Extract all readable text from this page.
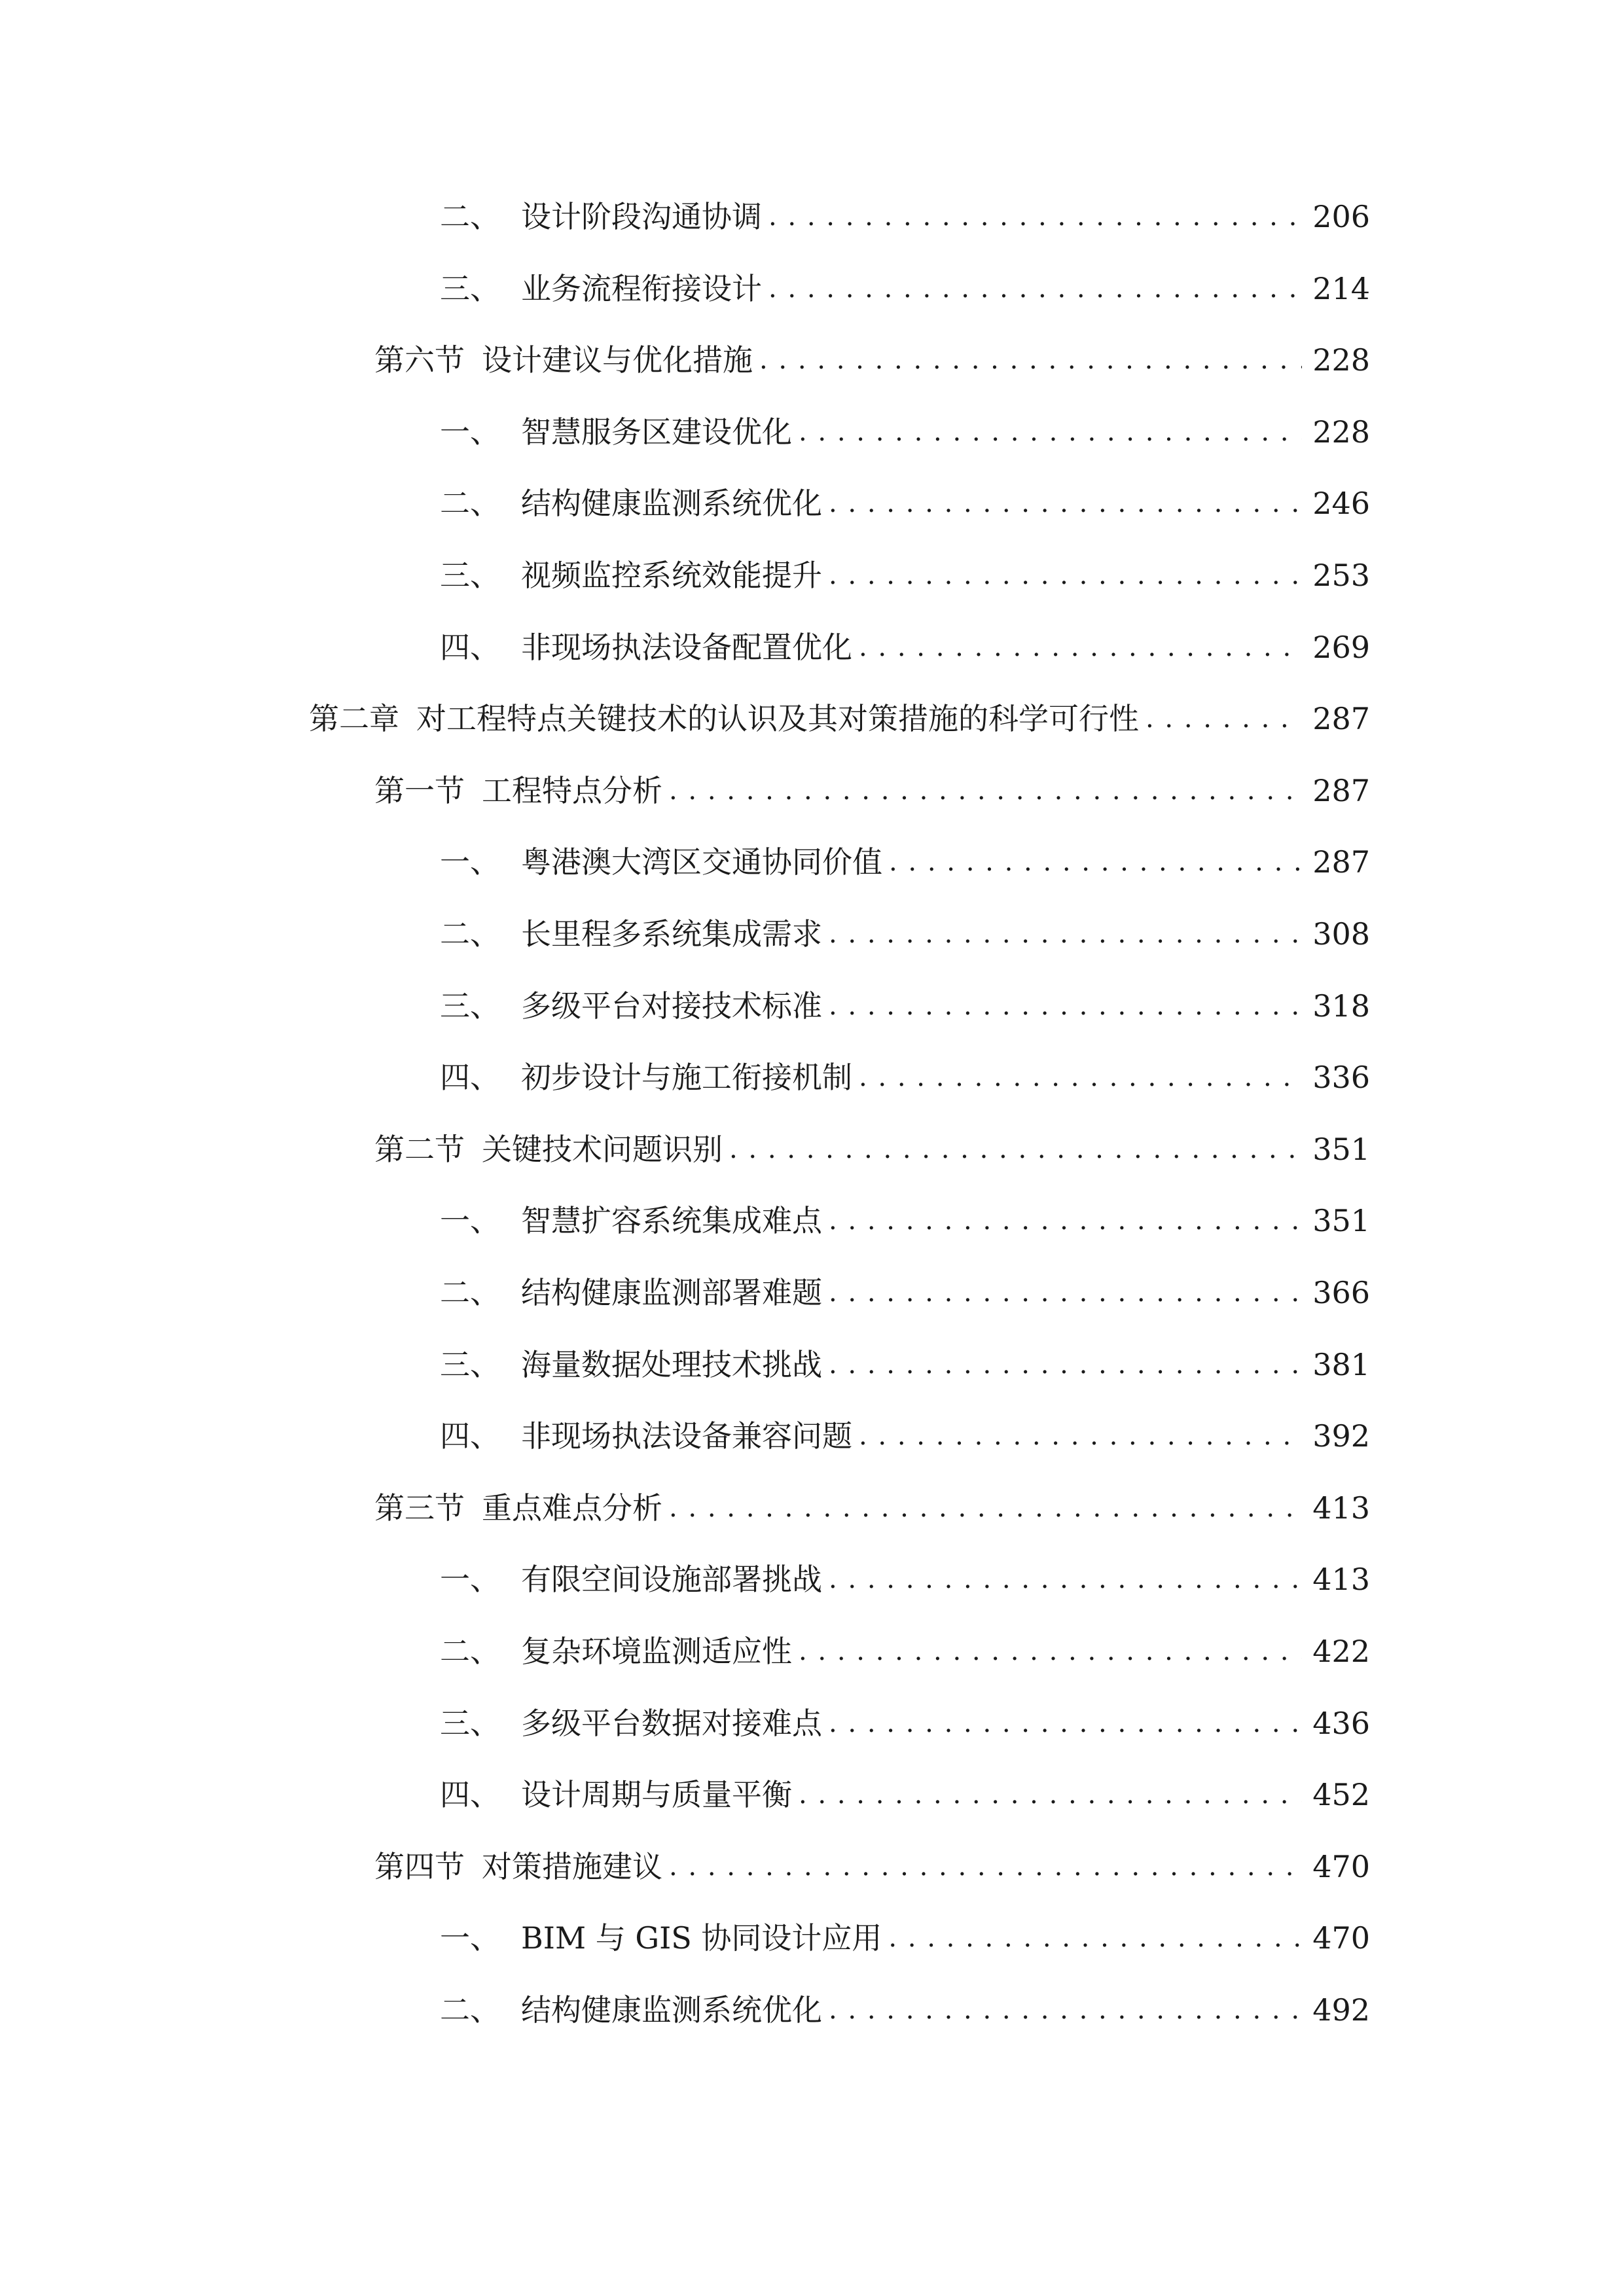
二、 设计阶段沟通协调 . . .	206
三、 业务流程衔接设计 . . .	214
第六节 设计建议与优化措施 . . .	228
一、 智慧服务区建设优化 . . .	228
二、 结构健康监测系统优化 . . .	246
三、 视频监控系统效能提升 . . .	253
四、 非现场执法设备配置优化 . . .	269
第二章 对工程特点关键技术的认识及其对策措施的科学可行性 . . .	287
第一节 工程特点分析 . . .	287
一、 粤港澳大湾区交通协同价值 . . .	287
二、 长里程多系统集成需求 . . .	308
三、 多级平台对接技术标准 . . .	318
四、 初步设计与施工衔接机制 . . .	336
第二节 关键技术问题识别 . . .	351
一、 智慧扩容系统集成难点 . . .	351
二、 结构健康监测部署难题 . . .	366
三、 海量数据处理技术挑战 . . .	381
四、 非现场执法设备兼容问题 . . .	392
第三节 重点难点分析 . . .	413
一、 有限空间设施部署挑战 . . .	413
二、 复杂环境监测适应性 . . .	422
三、 多级平台数据对接难点 . . .	436
四、 设计周期与质量平衡 . . .	452
第四节 对策措施建议 . . .	470
一、 BIM 与 GIS 协同设计应用 . . .	470
二、 结构健康监测系统优化 . . .	492
